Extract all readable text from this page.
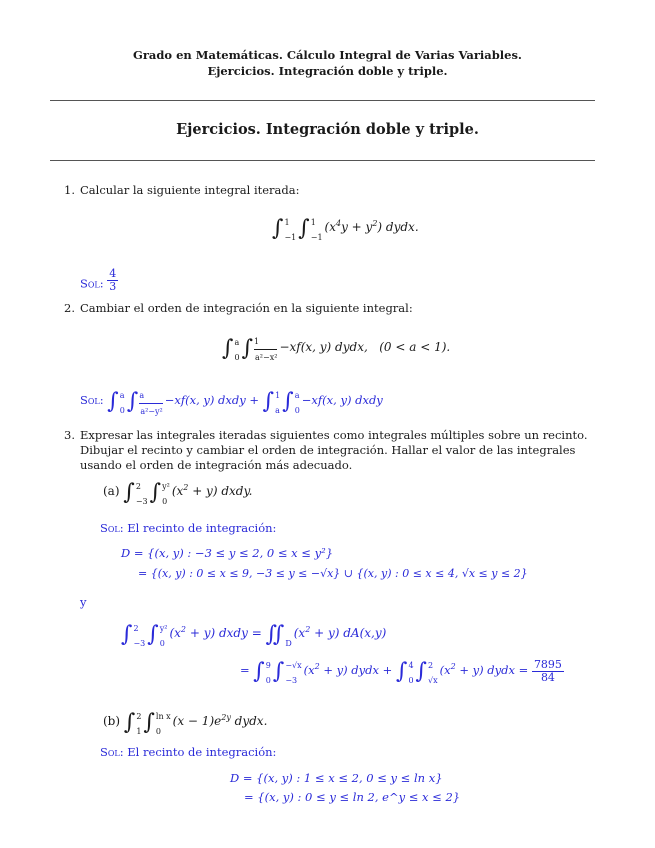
Grado en Matemáticas. Cálculo Integral de Varias Variables.
Ejercicios. Integración doble y triple.
Ejercicios. Integración doble y triple.
1. Calcular la siguiente integral iterada:
∫ 1
−1 ∫ 1
−1
$(x^4y + y^2)$ dydx.
Sol: $\frac{4}{3}$
2. Cambiar el orden de integración en la siguiente integral:
∫ a
0 ∫ 1
a²−x²
−xf(x, y) dydx, (0 < a < 1).
Sol: ∫ a
0 ∫ a
a²−y²
−xf(x, y) dxdy + ∫ 1
a ∫ a
0
−xf(x, y) dxdy
3. Expresar las integrales iteradas siguientes como integrales múltiples sobre un recinto. Dibujar el recinto y cambiar el orden de integración. Hallar el valor de las integrales usando el orden de integración más adecuado.
(a) ∫ 2
−3 ∫ y²
0
$(x^2 + y)$ dxdy.
Sol: El recinto de integración:
D = {(x, y) : −3 ≤ y ≤ 2, 0 ≤ x ≤ y²}
= {(x, y) : 0 ≤ x ≤ 9, −3 ≤ y ≤ −√x} ∪ {(x, y) : 0 ≤ x ≤ 4, √x ≤ y ≤ 2}
y
∫ 2
−3 ∫ y²
0
$(x^2 + y)$ dxdy = ∬
D
$(x^2 + y)$ dA(x,y)
= ∫ 9
0 ∫ −√x
−3
$(x^2 + y)$ dydx + ∫ 4
0 ∫ 2
√x
$(x^2 + y)$ dydx = $\frac{7895}{84}$
(b) ∫ 2
1 ∫ ln x
0
$(x - 1)e^{2y}$ dydx.
Sol: El recinto de integración:
D = {(x, y) : 1 ≤ x ≤ 2, 0 ≤ y ≤ ln x}
= {(x, y) : 0 ≤ y ≤ ln 2, e^y ≤ x ≤ 2}
